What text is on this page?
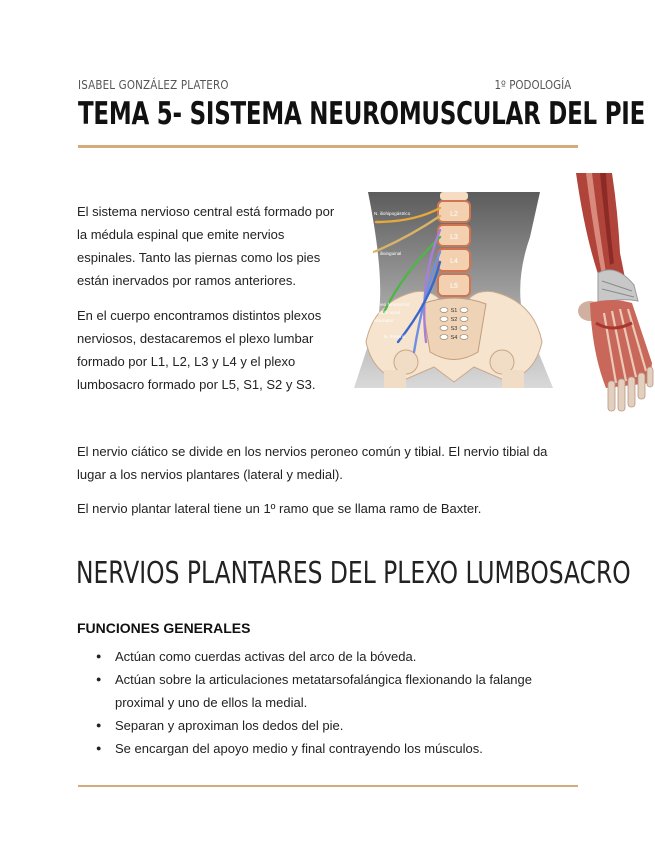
ISABEL GONZÁLEZ PLATERO	1º PODOLOGÍA
TEMA 5- SISTEMA NEUROMUSCULAR DEL PIE
El sistema nervioso central está formado por la médula espinal que emite nervios espinales. Tanto las piernas como los pies están inervados por ramos anteriores.
En el cuerpo encontramos distintos plexos nerviosos, destacaremos el plexo lumbar formado por L1, L2, L3 y L4 y el plexo lumbosacro formado por L5, S1, S2 y S3.
L2
L3
L4
L5
S1
S2
S3
S4
N. iliohipogástrico
N. ilioinguinal
N. cutáneo femoral lat.
N. genitofemoral
N. obturador
N. femoral
El nervio ciático se divide en los nervios peroneo común y tibial. El nervio tibial da lugar a los nervios plantares (lateral y medial).
El nervio plantar lateral tiene un 1º ramo que se llama ramo de Baxter.
NERVIOS PLANTARES DEL PLEXO LUMBOSACRO
FUNCIONES GENERALES
● Actúan como cuerdas activas del arco de la bóveda.
● Actúan sobre la articulaciones metatarsofalángica flexionando la falange proximal y uno de ellos la medial.
● Separan y aproximan los dedos del pie.
● Se encargan del apoyo medio y final contrayendo los músculos.
